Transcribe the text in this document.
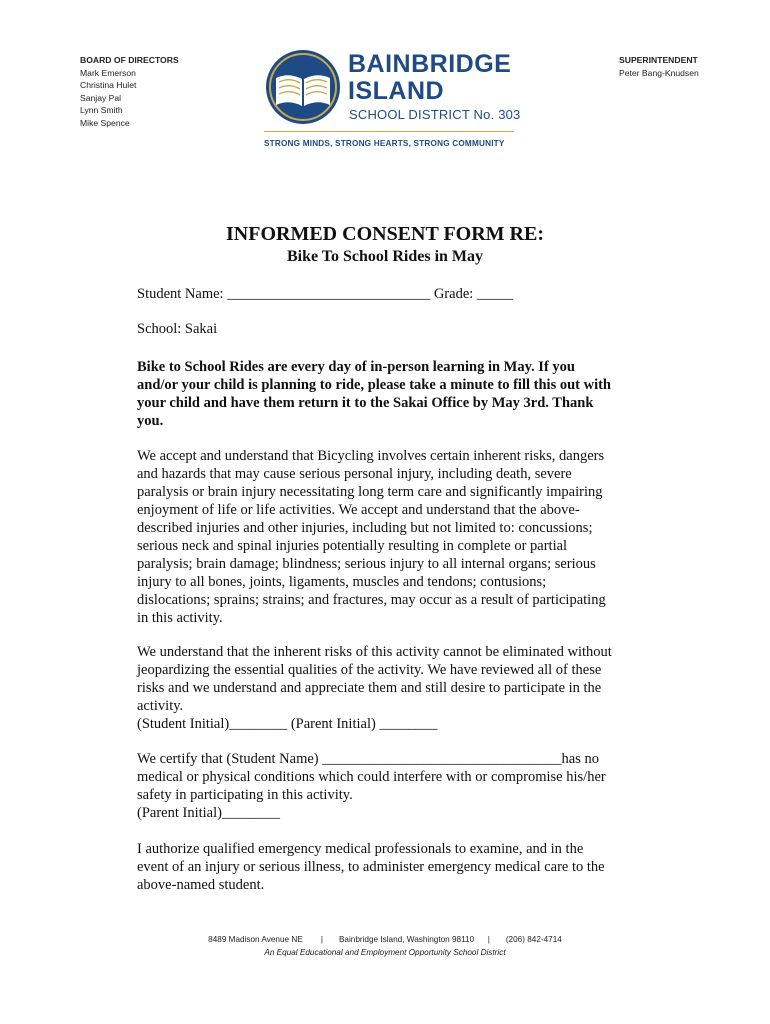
BOARD OF DIRECTORS
Mark Emerson
Christina Hulet
Sanjay Pal
Lynn Smith
Mike Spence
SUPERINTENDENT
Peter Bang-Knudsen
BAINBRIDGE
ISLAND
SCHOOL DISTRICT No. 303
STRONG MINDS, STRONG HEARTS, STRONG COMMUNITY
INFORMED CONSENT FORM RE:
Bike To School Rides in May
Student Name: ____________________________ Grade: _____
School: Sakai
Bike to School Rides are every day of in-person learning in May. If you
and/or your child is planning to ride, please take a minute to fill this out with
your child and have them return it to the Sakai Office by May 3rd. Thank
you.
We accept and understand that Bicycling involves certain inherent risks, dangers
and hazards that may cause serious personal injury, including death, severe
paralysis or brain injury necessitating long term care and significantly impairing
enjoyment of life or life activities. We accept and understand that the above-
described injuries and other injuries, including but not limited to: concussions;
serious neck and spinal injuries potentially resulting in complete or partial
paralysis; brain damage; blindness; serious injury to all internal organs; serious
injury to all bones, joints, ligaments, muscles and tendons; contusions;
dislocations; sprains; strains; and fractures, may occur as a result of participating
in this activity.
We understand that the inherent risks of this activity cannot be eliminated without
jeopardizing the essential qualities of the activity. We have reviewed all of these
risks and we understand and appreciate them and still desire to participate in the
activity.
(Student Initial)________ (Parent Initial) ________
We certify that (Student Name) _________________________________has no
medical or physical conditions which could interfere with or compromise his/her
safety in participating in this activity.
(Parent Initial)________
I authorize qualified emergency medical professionals to examine, and in the
event of an injury or serious illness, to administer emergency medical care to the
above-named student.
8489 Madison Avenue NE        |       Bainbridge Island, Washington 98110      |       (206) 842-4714
An Equal Educational and Employment Opportunity School District
